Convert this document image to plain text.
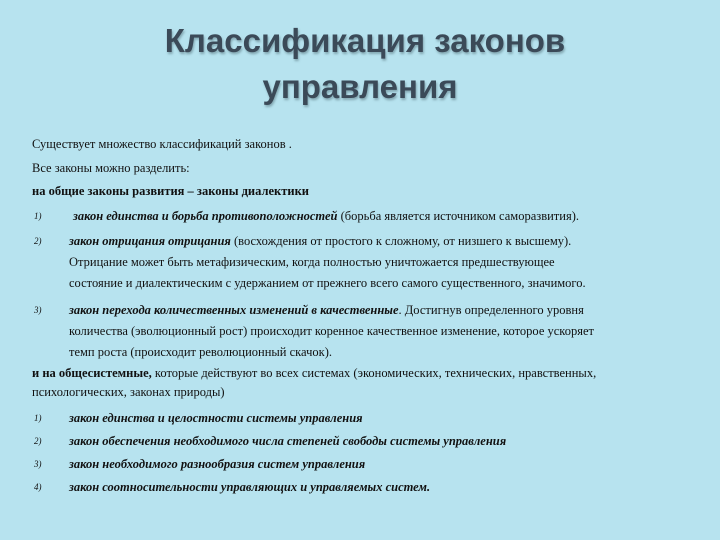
Классификация законов
управления
Существует множество классификаций законов .
Все законы можно разделить:
на общие законы развития – законы диалектики
1)	закон единства и борьба противоположностей (борьба является источником саморазвития).
2) закон отрицания отрицания (восхождения от простого к сложному, от низшего к высшему).
Отрицание может быть метафизическим, когда полностью уничтожается предшествующее
состояние и диалектическим с удержанием от прежнего всего самого существенного, значимого.
3) закон перехода количественных изменений в качественные. Достигнув определенного уровня
количества (эволюционный рост) происходит коренное качественное изменение, которое ускоряет
темп роста (происходит революционный скачок).
и на общесистемные, которые действуют во всех системах (экономических, технических, нравственных,
психологических, законах природы)
1) закон единства и целостности системы управления
2) закон обеспечения необходимого числа степеней свободы системы управления
3) закон необходимого разнообразия систем управления
4) закон соотносительности управляющих и управляемых систем.
